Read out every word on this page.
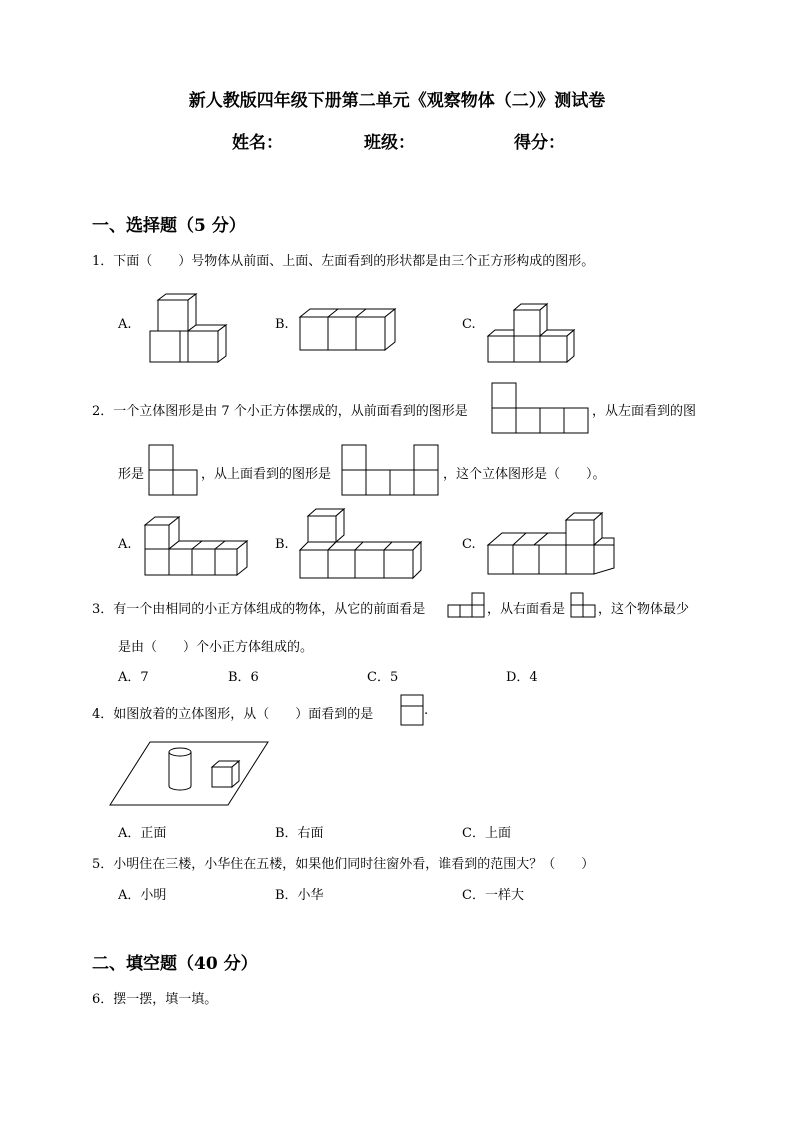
新人教版四年级下册第二单元《观察物体（二）》测试卷
姓名：	班级：	得分：
一、选择题（5 分）
1．下面（　　）号物体从前面、上面、左面看到的形状都是由三个正方形构成的图形。
A.	B.	C.
2．一个立体图形是由 7 个小正方体摆成的，从前面看到的图形是	，从左面看到的图
形是	，从上面看到的图形是	，这个立体图形是（　　）。
A.	B.	C.
3．有一个由相同的小正方体组成的物体，从它的前面看是	，从右面看是	，这个物体最少
是由（　　）个小正方体组成的。
A．7	B．6	C．5	D．4
4．如图放着的立体图形，从（　　）面看到的是	.
A．正面	B．右面	C．上面
5．小明住在三楼，小华住在五楼，如果他们同时往窗外看，谁看到的范围大？（　　）
A．小明	B．小华	C．一样大
二、填空题（40 分）
6．摆一摆，填一填。
